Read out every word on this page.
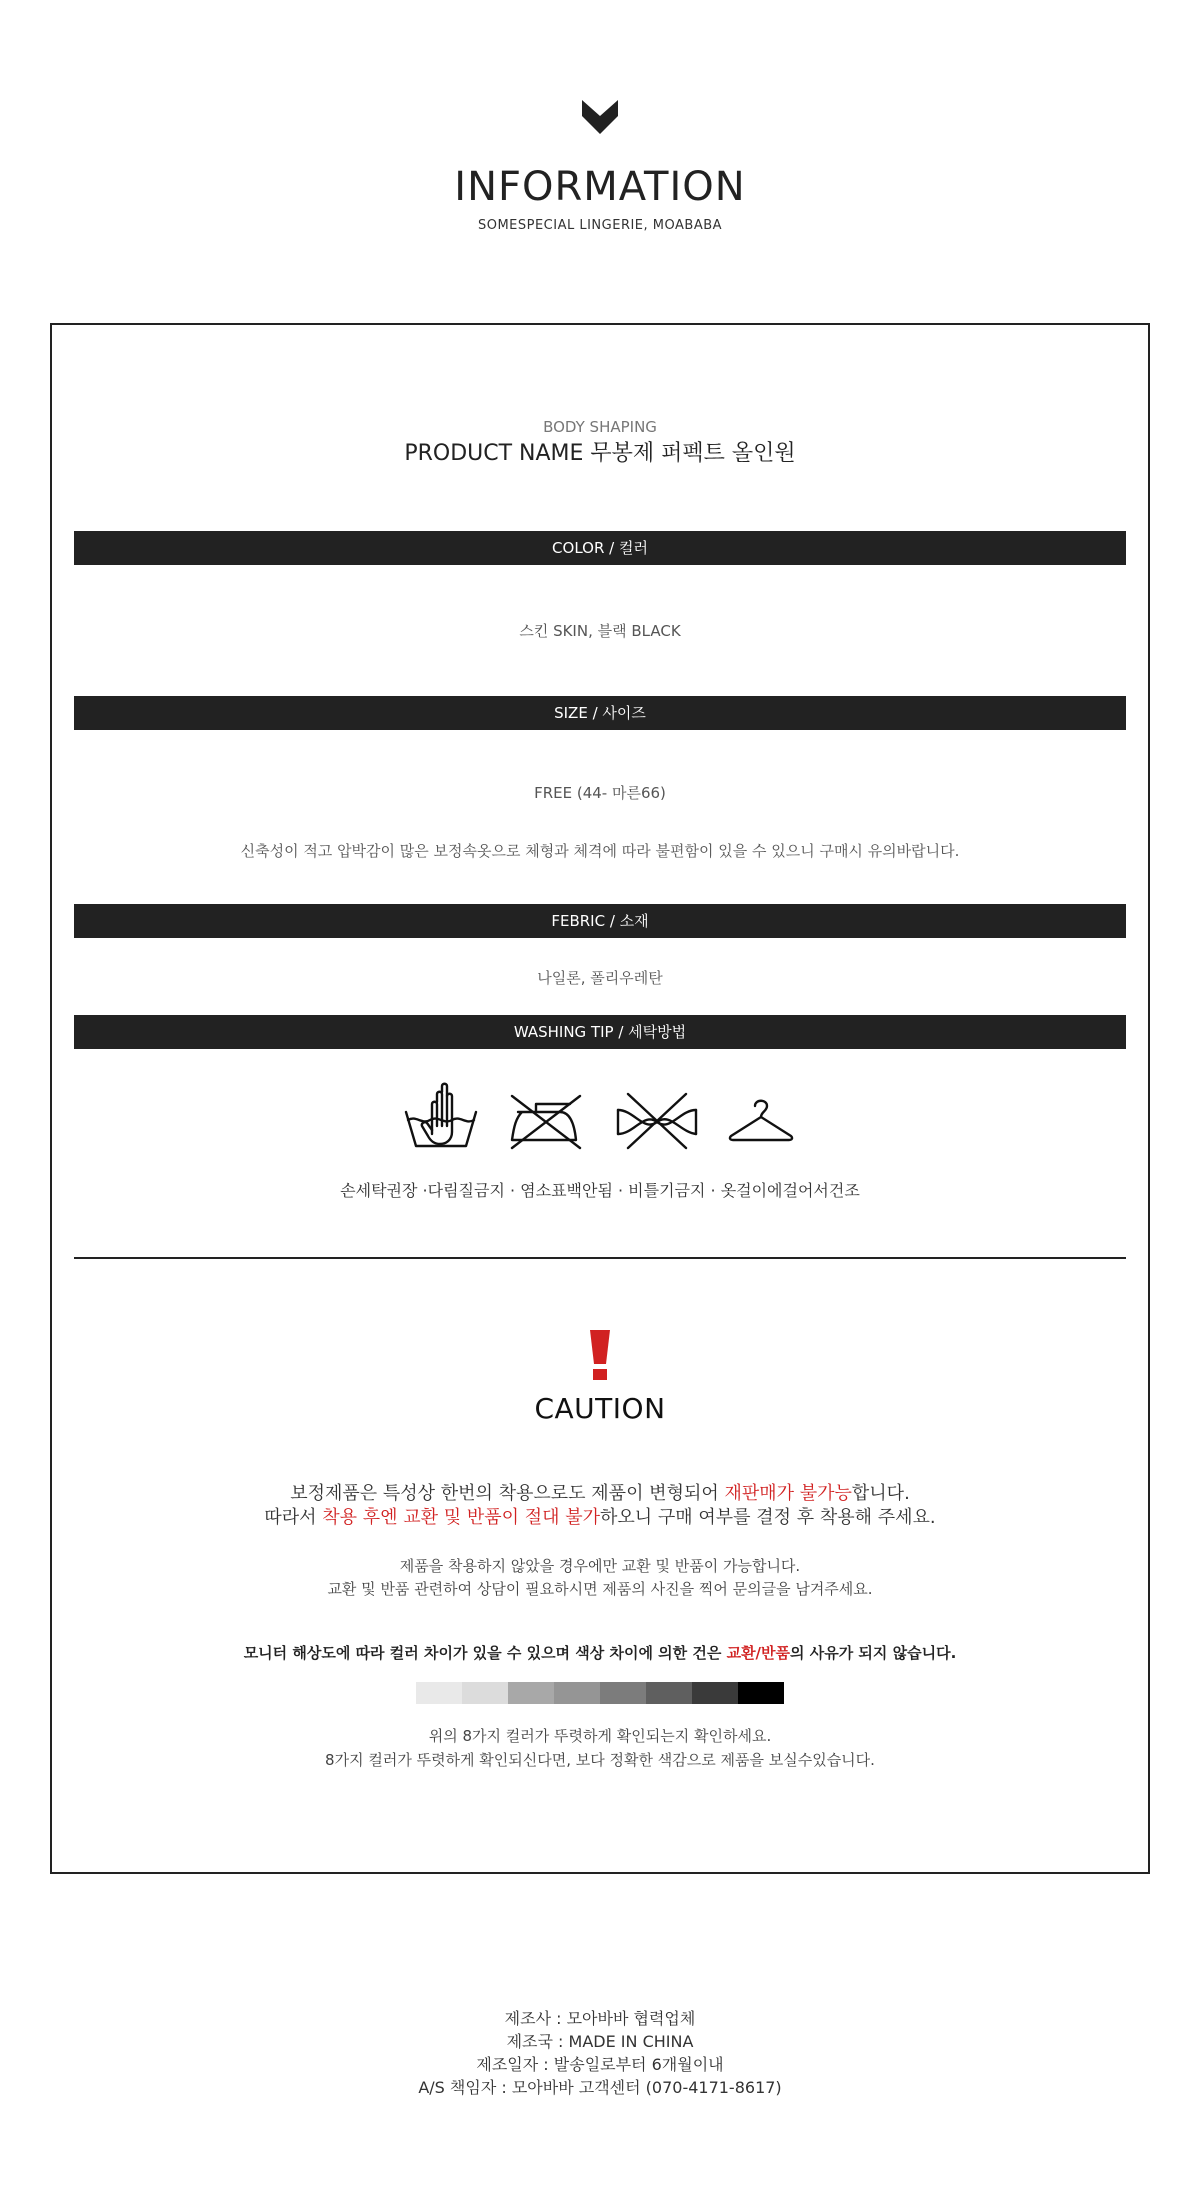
INFORMATION
SOMESPECIAL LINGERIE, MOABABA
BODY SHAPING
PRODUCT NAME 무봉제 퍼펙트 올인원
COLOR / 컬러
스킨 SKIN, 블랙 BLACK
SIZE / 사이즈
FREE (44- 마른66)
신축성이 적고 압박감이 많은 보정속옷으로 체형과 체격에 따라 불편함이 있을 수 있으니 구매시 유의바랍니다.
FEBRIC / 소재
나일론, 폴리우레탄
WASHING TIP / 세탁방법
손세탁권장 ·다림질금지 · 염소표백안됨 · 비틀기금지 · 옷걸이에걸어서건조
CAUTION
보정제품은 특성상 한번의 착용으로도 제품이 변형되어 재판매가 불가능합니다.
따라서 착용 후엔 교환 및 반품이 절대 불가하오니 구매 여부를 결정 후 착용해 주세요.
제품을 착용하지 않았을 경우에만 교환 및 반품이 가능합니다.
교환 및 반품 관련하여 상담이 필요하시면 제품의 사진을 찍어 문의글을 남겨주세요.
모니터 해상도에 따라 컬러 차이가 있을 수 있으며 색상 차이에 의한 건은 교환/반품의 사유가 되지 않습니다.
위의 8가지 컬러가 뚜렷하게 확인되는지 확인하세요.
8가지 컬러가 뚜렷하게 확인되신다면, 보다 정확한 색감으로 제품을 보실수있습니다.
제조사 : 모아바바 협력업체
제조국 : MADE IN CHINA
제조일자 : 발송일로부터 6개월이내
A/S 책임자 : 모아바바 고객센터 (070-4171-8617)
